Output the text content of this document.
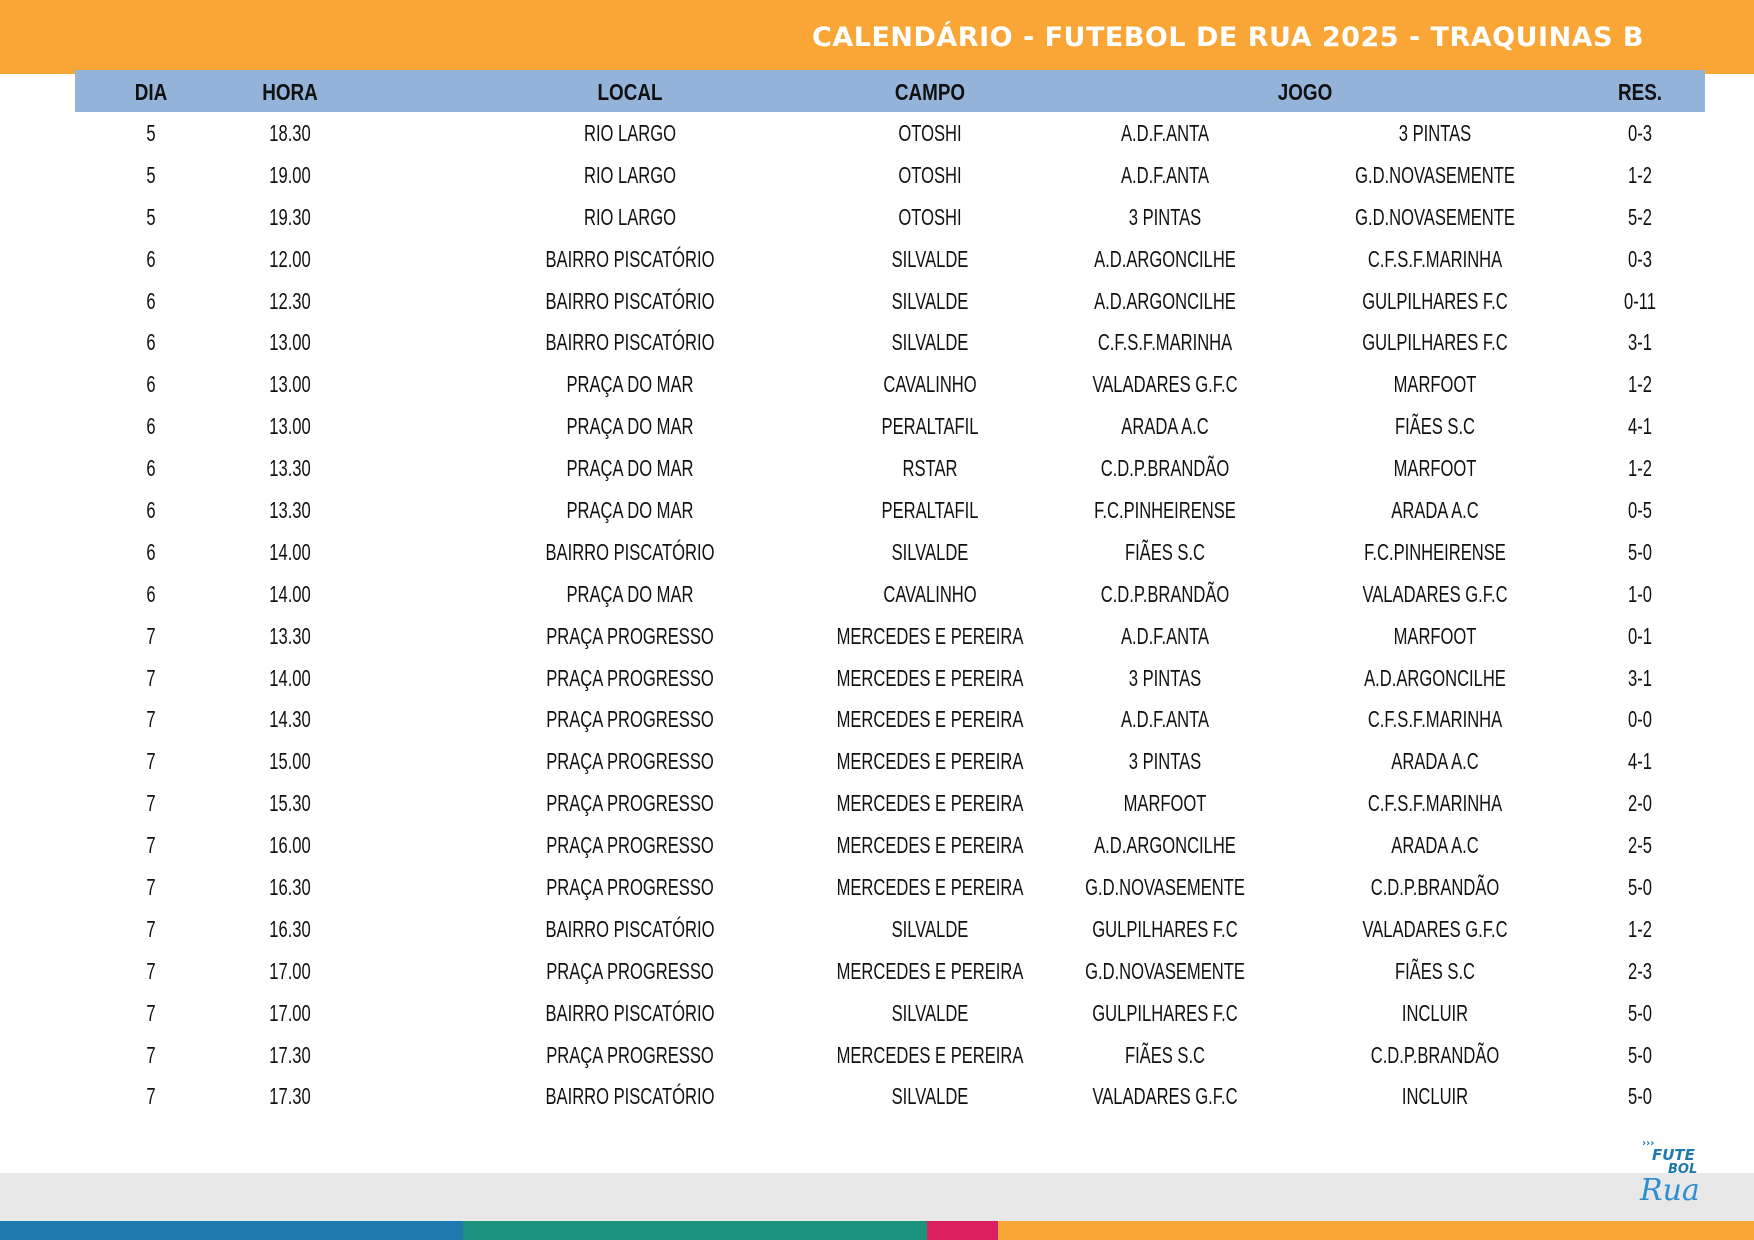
CALENDÁRIO - FUTEBOL DE RUA 2025 - TRAQUINAS B
DIA	HORA	LOCAL	CAMPO	JOGO	RES.
5	18.30	RIO LARGO	OTOSHI	A.D.F.ANTA	3 PINTAS	0-3
5	19.00	RIO LARGO	OTOSHI	A.D.F.ANTA	G.D.NOVASEMENTE	1-2
5	19.30	RIO LARGO	OTOSHI	3 PINTAS	G.D.NOVASEMENTE	5-2
6	12.00	BAIRRO PISCATÓRIO	SILVALDE	A.D.ARGONCILHE	C.F.S.F.MARINHA	0-3
6	12.30	BAIRRO PISCATÓRIO	SILVALDE	A.D.ARGONCILHE	GULPILHARES F.C	0-11
6	13.00	BAIRRO PISCATÓRIO	SILVALDE	C.F.S.F.MARINHA	GULPILHARES F.C	3-1
6	13.00	PRAÇA DO MAR	CAVALINHO	VALADARES G.F.C	MARFOOT	1-2
6	13.00	PRAÇA DO MAR	PERALTAFIL	ARADA A.C	FIÃES S.C	4-1
6	13.30	PRAÇA DO MAR	RSTAR	C.D.P.BRANDÃO	MARFOOT	1-2
6	13.30	PRAÇA DO MAR	PERALTAFIL	F.C.PINHEIRENSE	ARADA A.C	0-5
6	14.00	BAIRRO PISCATÓRIO	SILVALDE	FIÃES S.C	F.C.PINHEIRENSE	5-0
6	14.00	PRAÇA DO MAR	CAVALINHO	C.D.P.BRANDÃO	VALADARES G.F.C	1-0
7	13.30	PRAÇA PROGRESSO	MERCEDES E PEREIRA	A.D.F.ANTA	MARFOOT	0-1
7	14.00	PRAÇA PROGRESSO	MERCEDES E PEREIRA	3 PINTAS	A.D.ARGONCILHE	3-1
7	14.30	PRAÇA PROGRESSO	MERCEDES E PEREIRA	A.D.F.ANTA	C.F.S.F.MARINHA	0-0
7	15.00	PRAÇA PROGRESSO	MERCEDES E PEREIRA	3 PINTAS	ARADA A.C	4-1
7	15.30	PRAÇA PROGRESSO	MERCEDES E PEREIRA	MARFOOT	C.F.S.F.MARINHA	2-0
7	16.00	PRAÇA PROGRESSO	MERCEDES E PEREIRA	A.D.ARGONCILHE	ARADA A.C	2-5
7	16.30	PRAÇA PROGRESSO	MERCEDES E PEREIRA	G.D.NOVASEMENTE	C.D.P.BRANDÃO	5-0
7	16.30	BAIRRO PISCATÓRIO	SILVALDE	GULPILHARES F.C	VALADARES G.F.C	1-2
7	17.00	PRAÇA PROGRESSO	MERCEDES E PEREIRA	G.D.NOVASEMENTE	FIÃES S.C	2-3
7	17.00	BAIRRO PISCATÓRIO	SILVALDE	GULPILHARES F.C	INCLUIR	5-0
7	17.30	PRAÇA PROGRESSO	MERCEDES E PEREIRA	FIÃES S.C	C.D.P.BRANDÃO	5-0
7	17.30	BAIRRO PISCATÓRIO	SILVALDE	VALADARES G.F.C	INCLUIR	5-0
›››
FUTE
BOL
Rua
